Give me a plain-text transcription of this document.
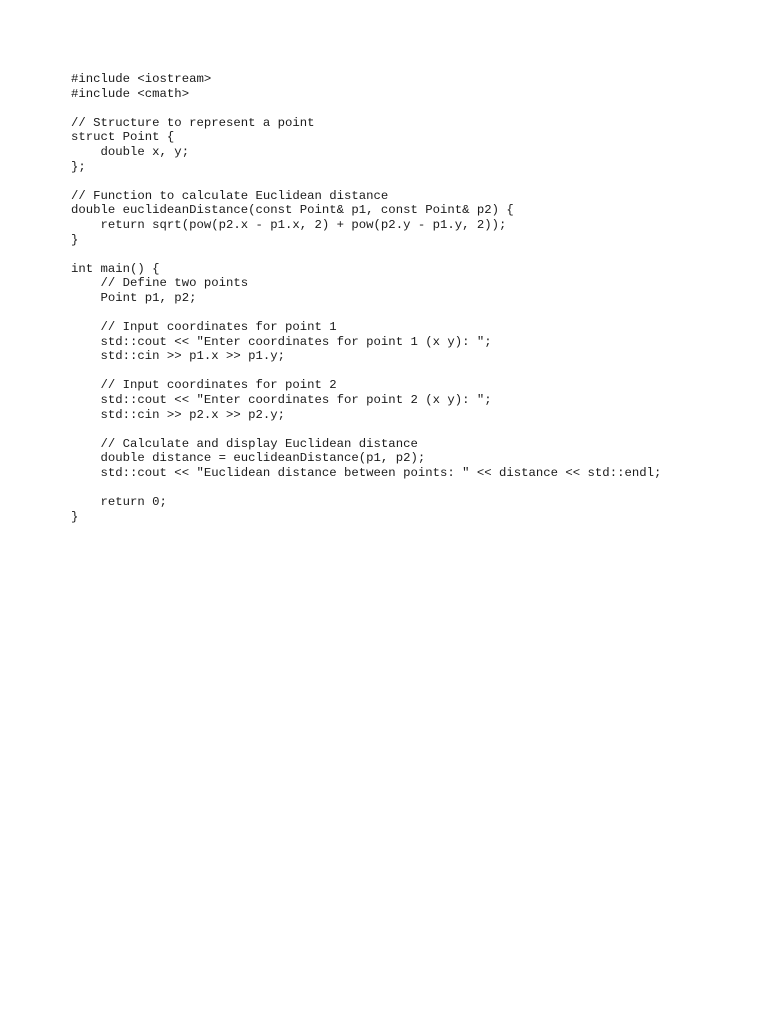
#include <iostream>
#include <cmath>
// Structure to represent a point
struct Point {
double x, y;
};
// Function to calculate Euclidean distance
double euclideanDistance(const Point& p1, const Point& p2) {
return sqrt(pow(p2.x - p1.x, 2) + pow(p2.y - p1.y, 2));
}
int main() {
// Define two points
Point p1, p2;
// Input coordinates for point 1
std::cout << "Enter coordinates for point 1 (x y): ";
std::cin >> p1.x >> p1.y;
// Input coordinates for point 2
std::cout << "Enter coordinates for point 2 (x y): ";
std::cin >> p2.x >> p2.y;
// Calculate and display Euclidean distance
double distance = euclideanDistance(p1, p2);
std::cout << "Euclidean distance between points: " << distance << std::endl;
return 0;
}
